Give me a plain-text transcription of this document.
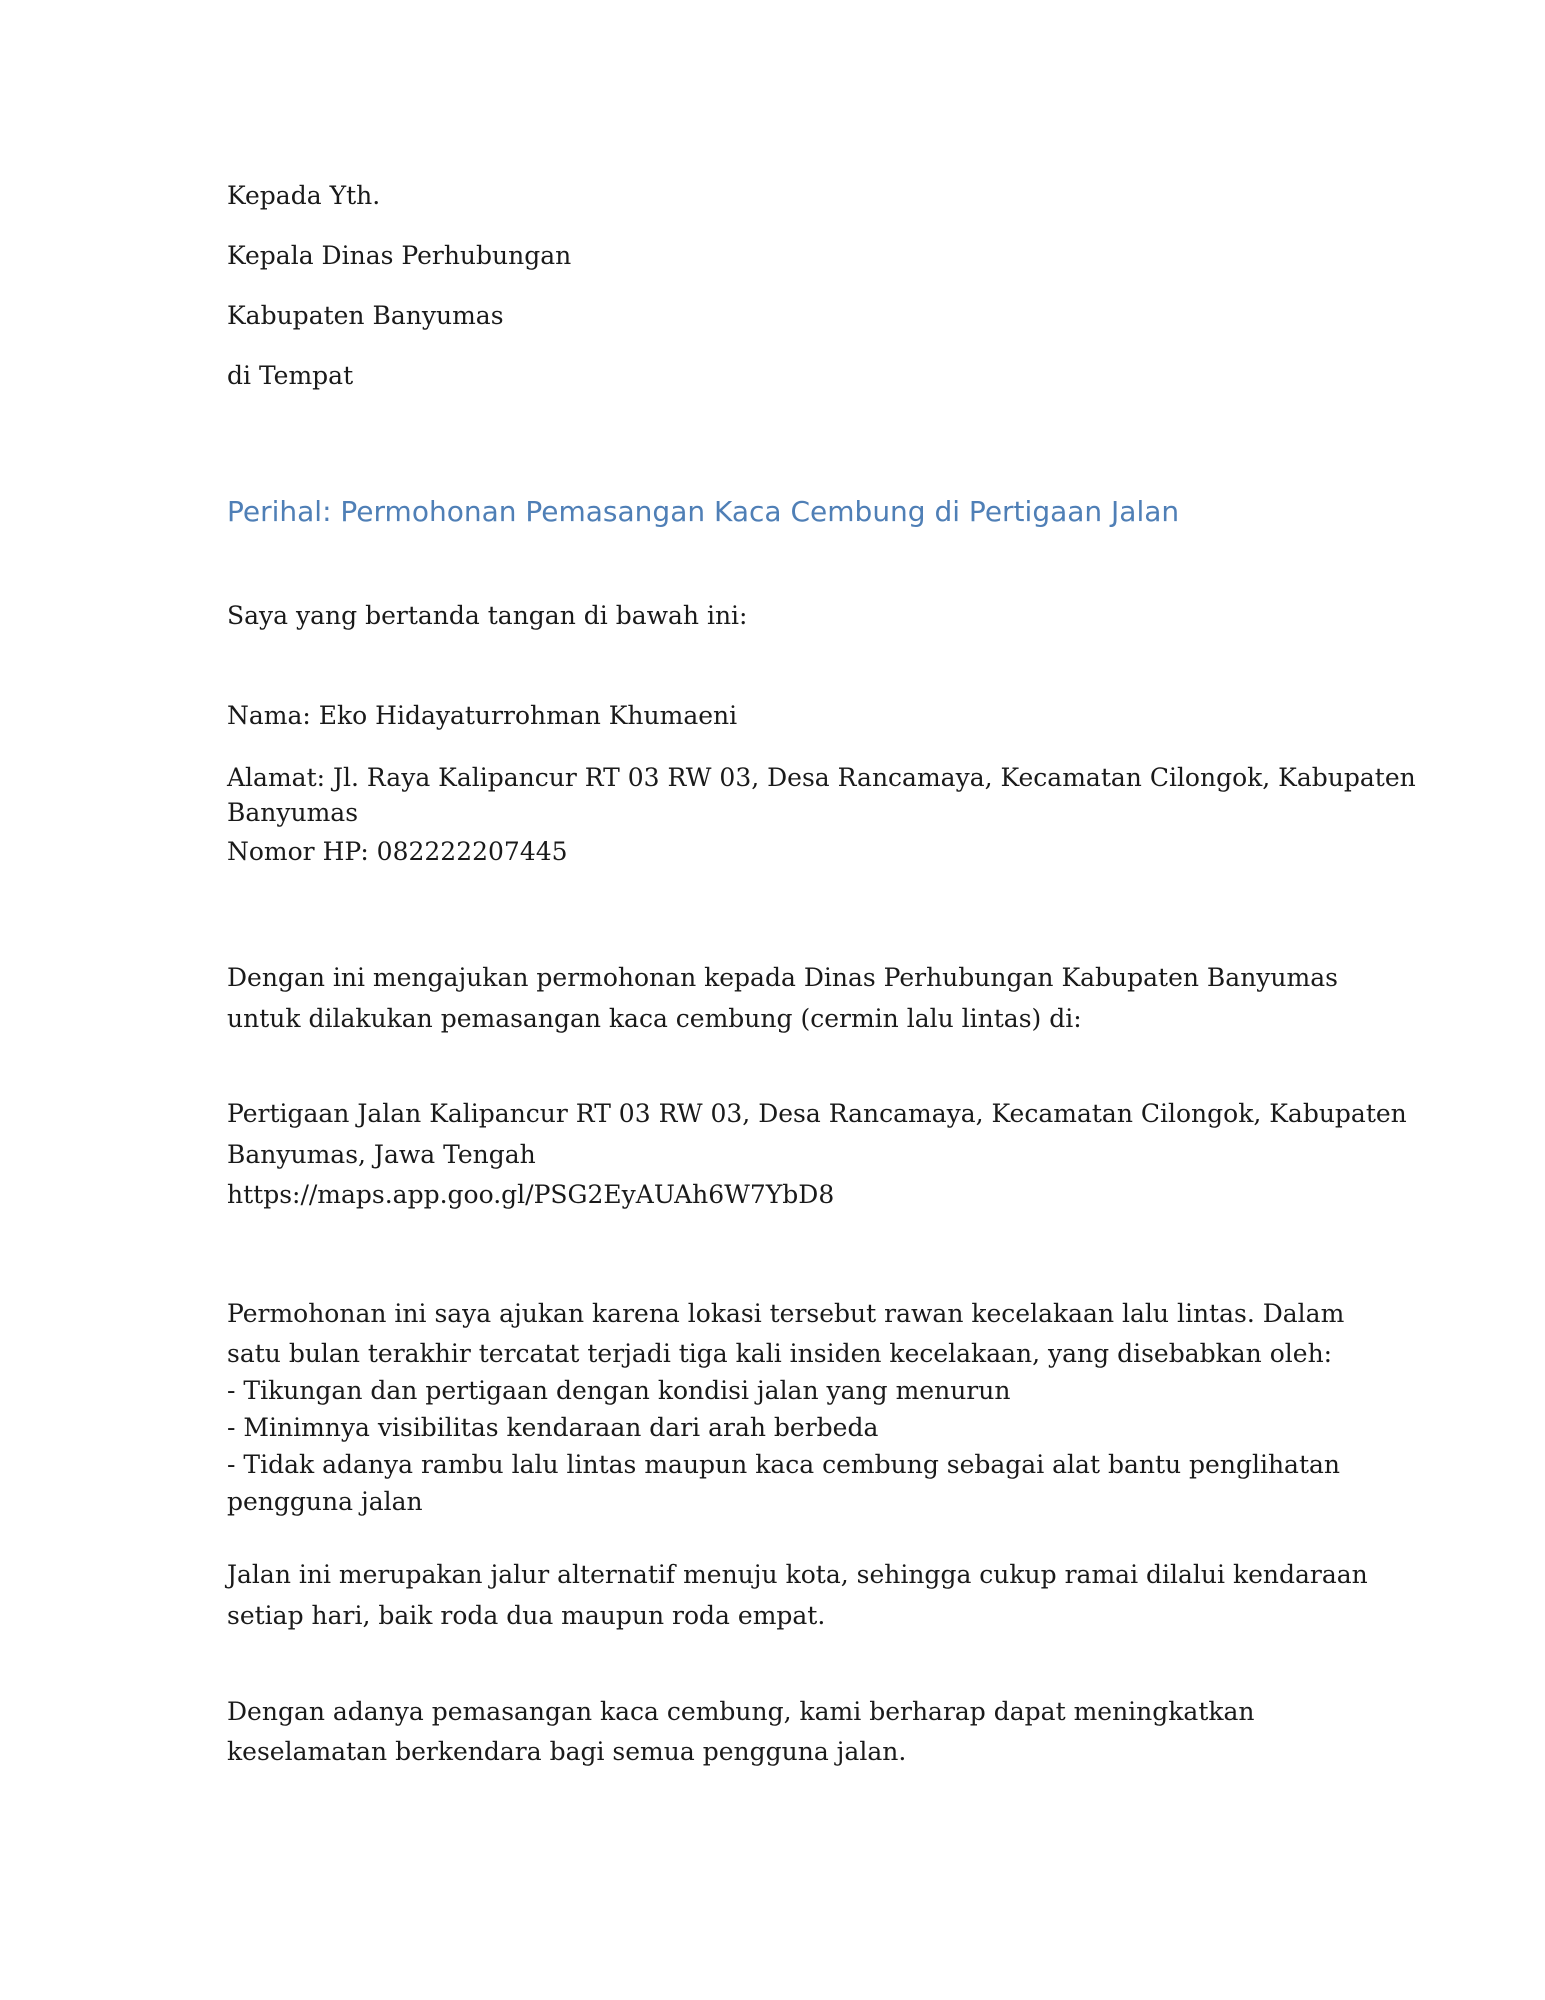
Kepada Yth.

Kepala Dinas Perhubungan

Kabupaten Banyumas

di Tempat

Perihal: Permohonan Pemasangan Kaca Cembung di Pertigaan Jalan

Saya yang bertanda tangan di bawah ini:

Nama: Eko Hidayaturrohman Khumaeni

Alamat: Jl. Raya Kalipancur RT 03 RW 03, Desa Rancamaya, Kecamatan Cilongok, Kabupaten

Banyumas

Nomor HP: 082222207445

Dengan ini mengajukan permohonan kepada Dinas Perhubungan Kabupaten Banyumas

untuk dilakukan pemasangan kaca cembung (cermin lalu lintas) di:

Pertigaan Jalan Kalipancur RT 03 RW 03, Desa Rancamaya, Kecamatan Cilongok, Kabupaten

Banyumas, Jawa Tengah

https://maps.app.goo.gl/PSG2EyAUAh6W7YbD8

Permohonan ini saya ajukan karena lokasi tersebut rawan kecelakaan lalu lintas. Dalam

satu bulan terakhir tercatat terjadi tiga kali insiden kecelakaan, yang disebabkan oleh:

- Tikungan dan pertigaan dengan kondisi jalan yang menurun

- Minimnya visibilitas kendaraan dari arah berbeda

- Tidak adanya rambu lalu lintas maupun kaca cembung sebagai alat bantu penglihatan

pengguna jalan

Jalan ini merupakan jalur alternatif menuju kota, sehingga cukup ramai dilalui kendaraan

setiap hari, baik roda dua maupun roda empat.

Dengan adanya pemasangan kaca cembung, kami berharap dapat meningkatkan

keselamatan berkendara bagi semua pengguna jalan.
